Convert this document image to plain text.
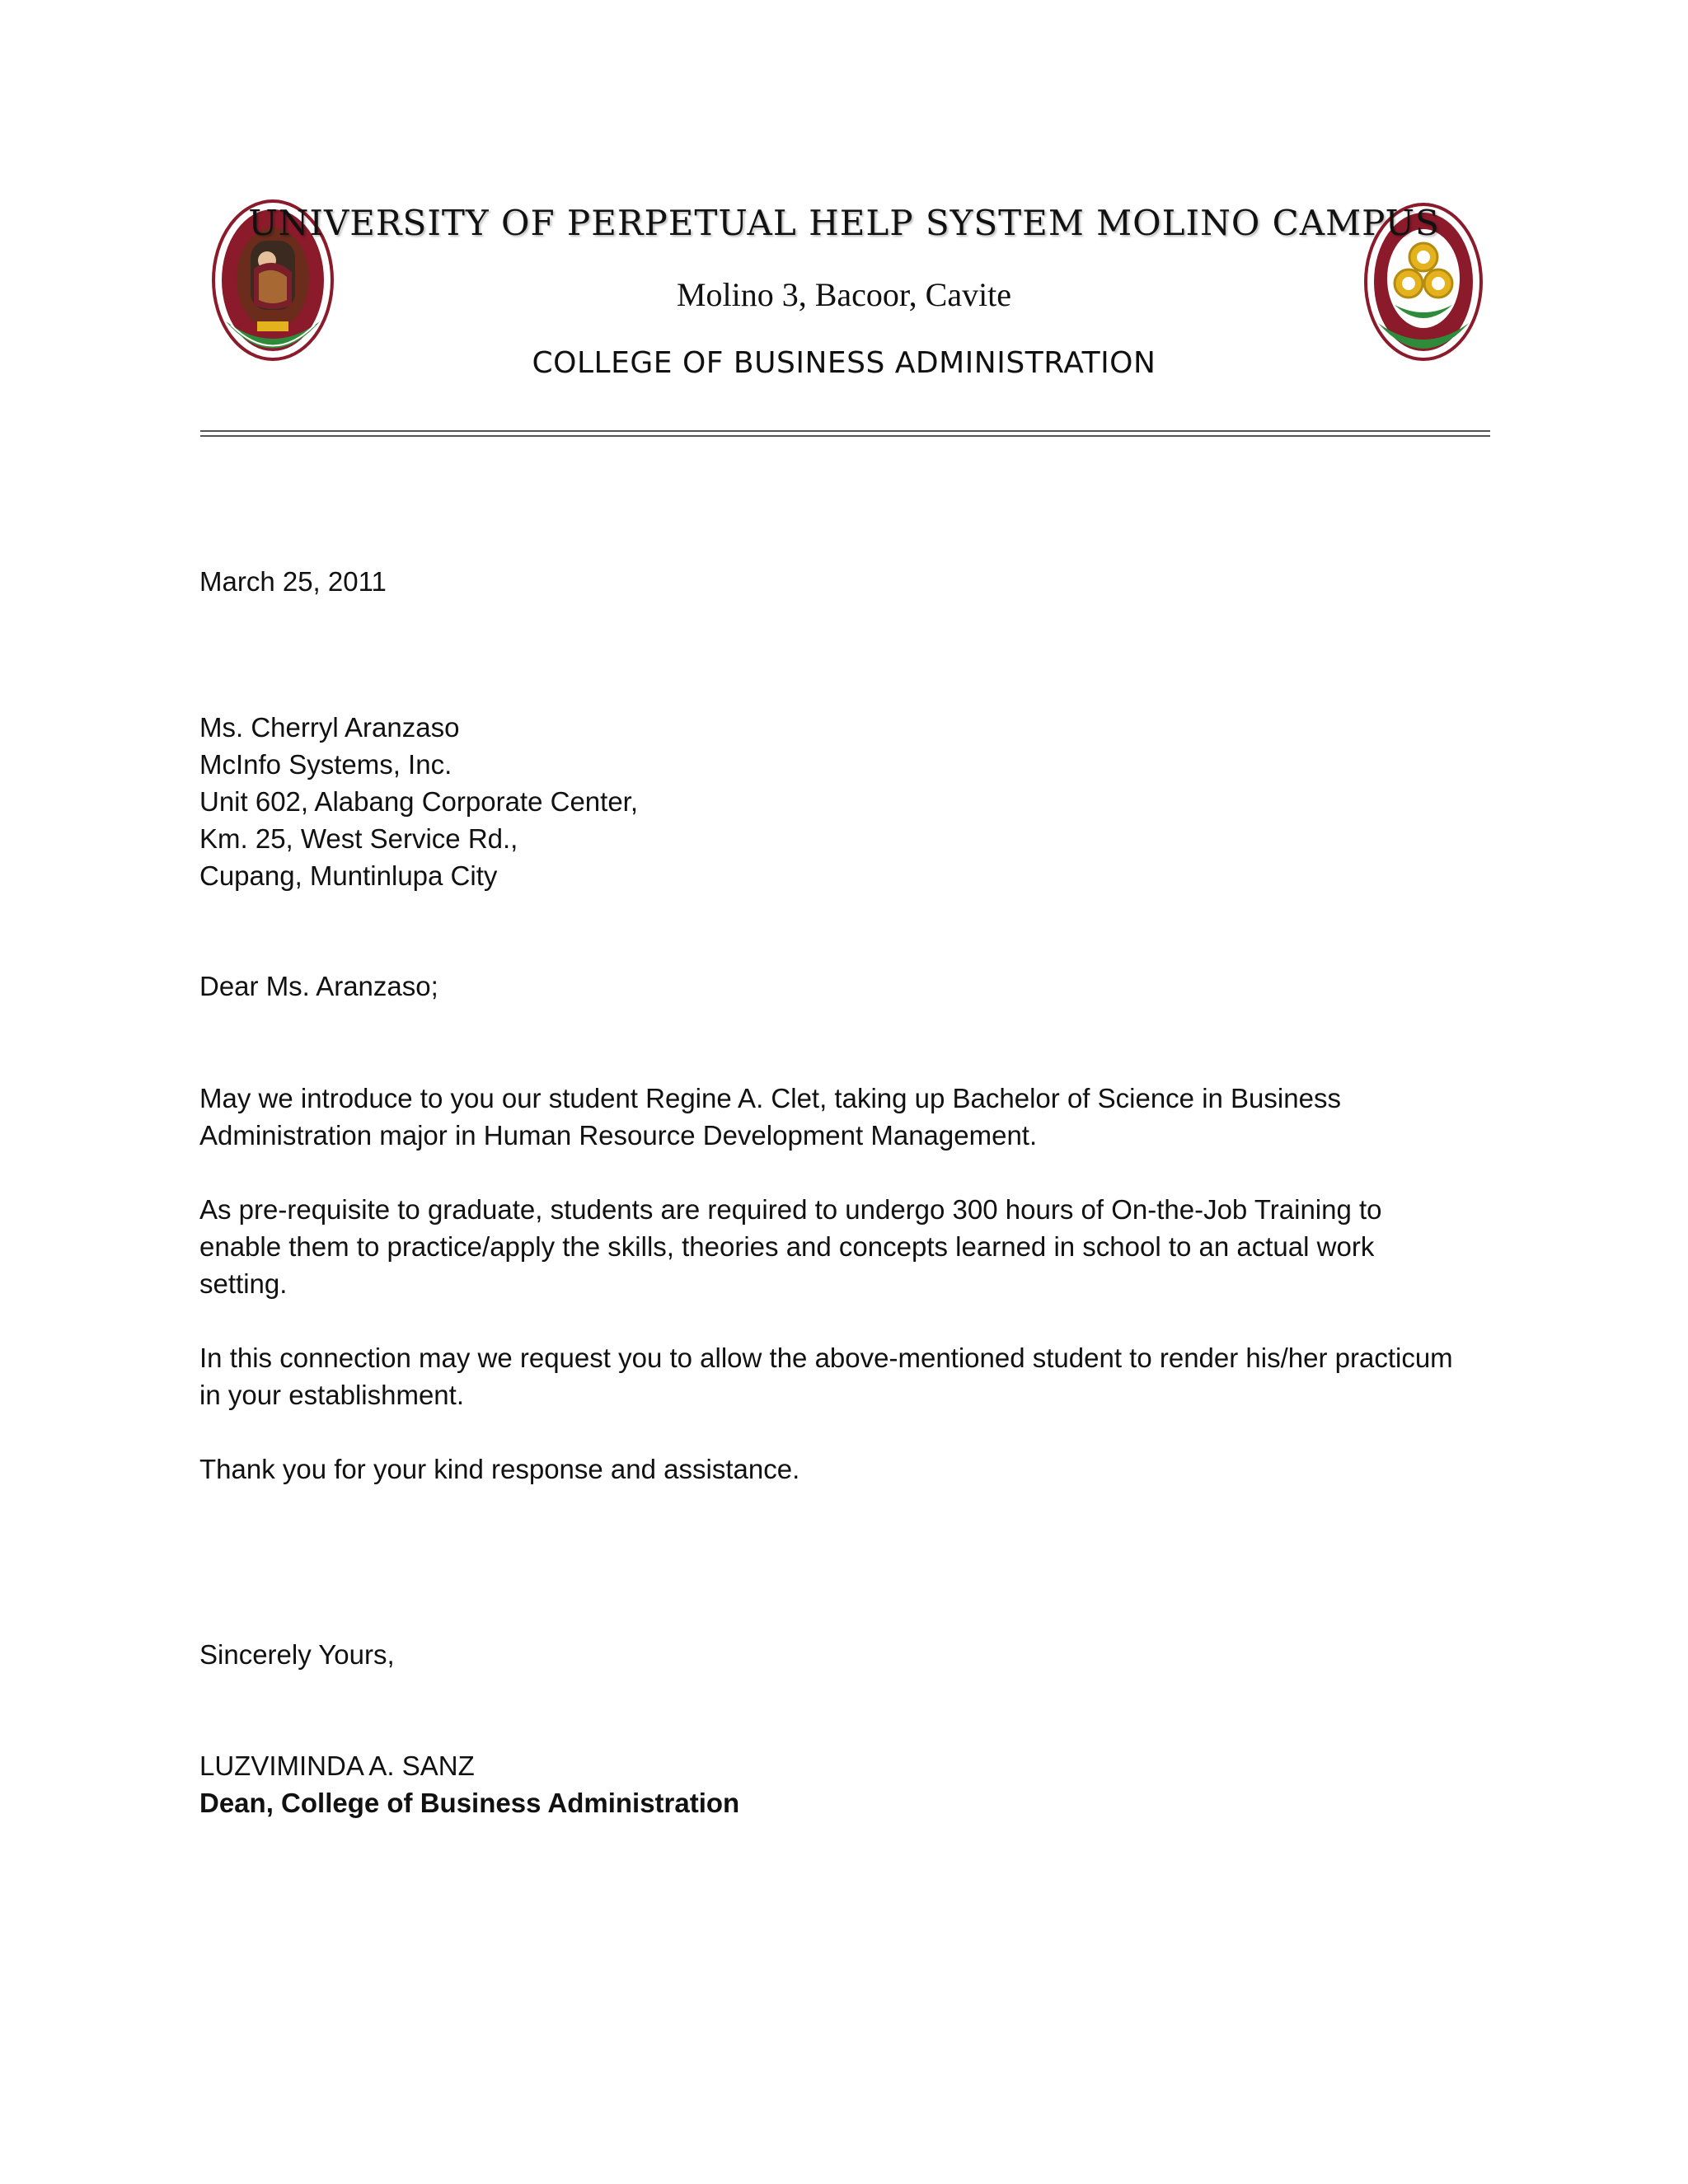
UNIVERSITY OF PERPETUAL HELP SYSTEM MOLINO CAMPUS
Molino 3, Bacoor, Cavite
COLLEGE OF BUSINESS ADMINISTRATION
March 25, 2011
Ms. Cherryl Aranzaso
McInfo Systems, Inc.
Unit 602, Alabang Corporate Center,
Km. 25, West Service Rd.,
Cupang, Muntinlupa City
Dear Ms. Aranzaso;
May we introduce to you our student Regine A. Clet, taking up Bachelor of Science in Business Administration major in Human Resource Development Management.
As pre-requisite to graduate, students are required to undergo 300 hours of On-the-Job Training to enable them to practice/apply the skills, theories and concepts learned in school to an actual work setting.
In this connection may we request you to allow the above-mentioned student to render his/her practicum in your establishment.
Thank you for your kind response and assistance.
Sincerely Yours,
LUZVIMINDA A. SANZ
Dean, College of Business Administration
